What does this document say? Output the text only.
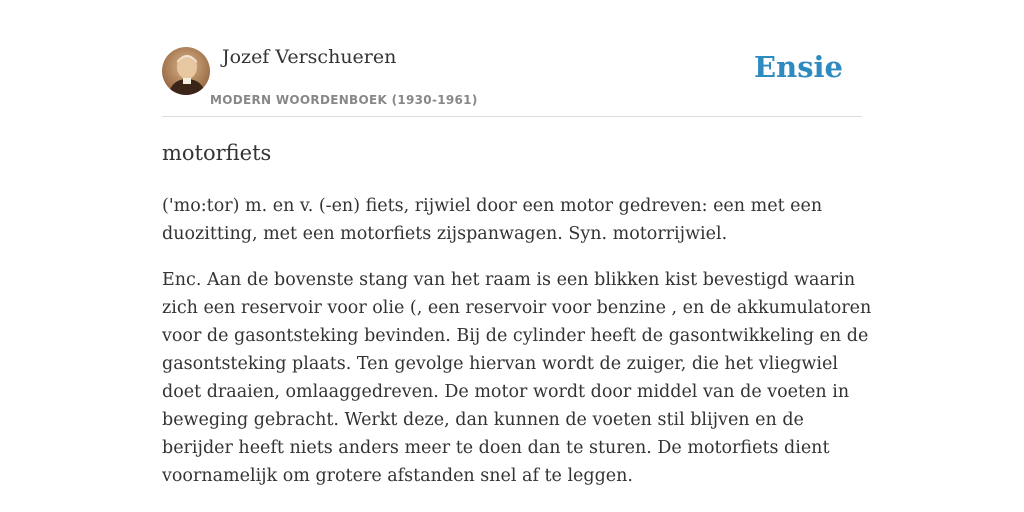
Jozef Verschueren
MODERN WOORDENBOEK (1930-1961)
Ensie
motorfiets

('mo:tor) m. en v. (-en) fiets, rijwiel door een motor gedreven: een met een duozitting, met een motorfiets zijspanwagen. Syn. motorrijwiel.

Enc. Aan de bovenste stang van het raam is een blikken kist bevestigd waarin zich een reservoir voor olie (, een reservoir voor benzine , en de akkumulatoren voor de gasontsteking bevinden. Bij de cylinder heeft de gasontwikkeling en de gasontsteking plaats. Ten gevolge hiervan wordt de zuiger, die het vliegwiel doet draaien, omlaaggedreven. De motor wordt door middel van de voeten in beweging gebracht. Werkt deze, dan kunnen de voeten stil blijven en de berijder heeft niets anders meer te doen dan te sturen. De motorfiets dient voornamelijk om grotere afstanden snel af te leggen.
